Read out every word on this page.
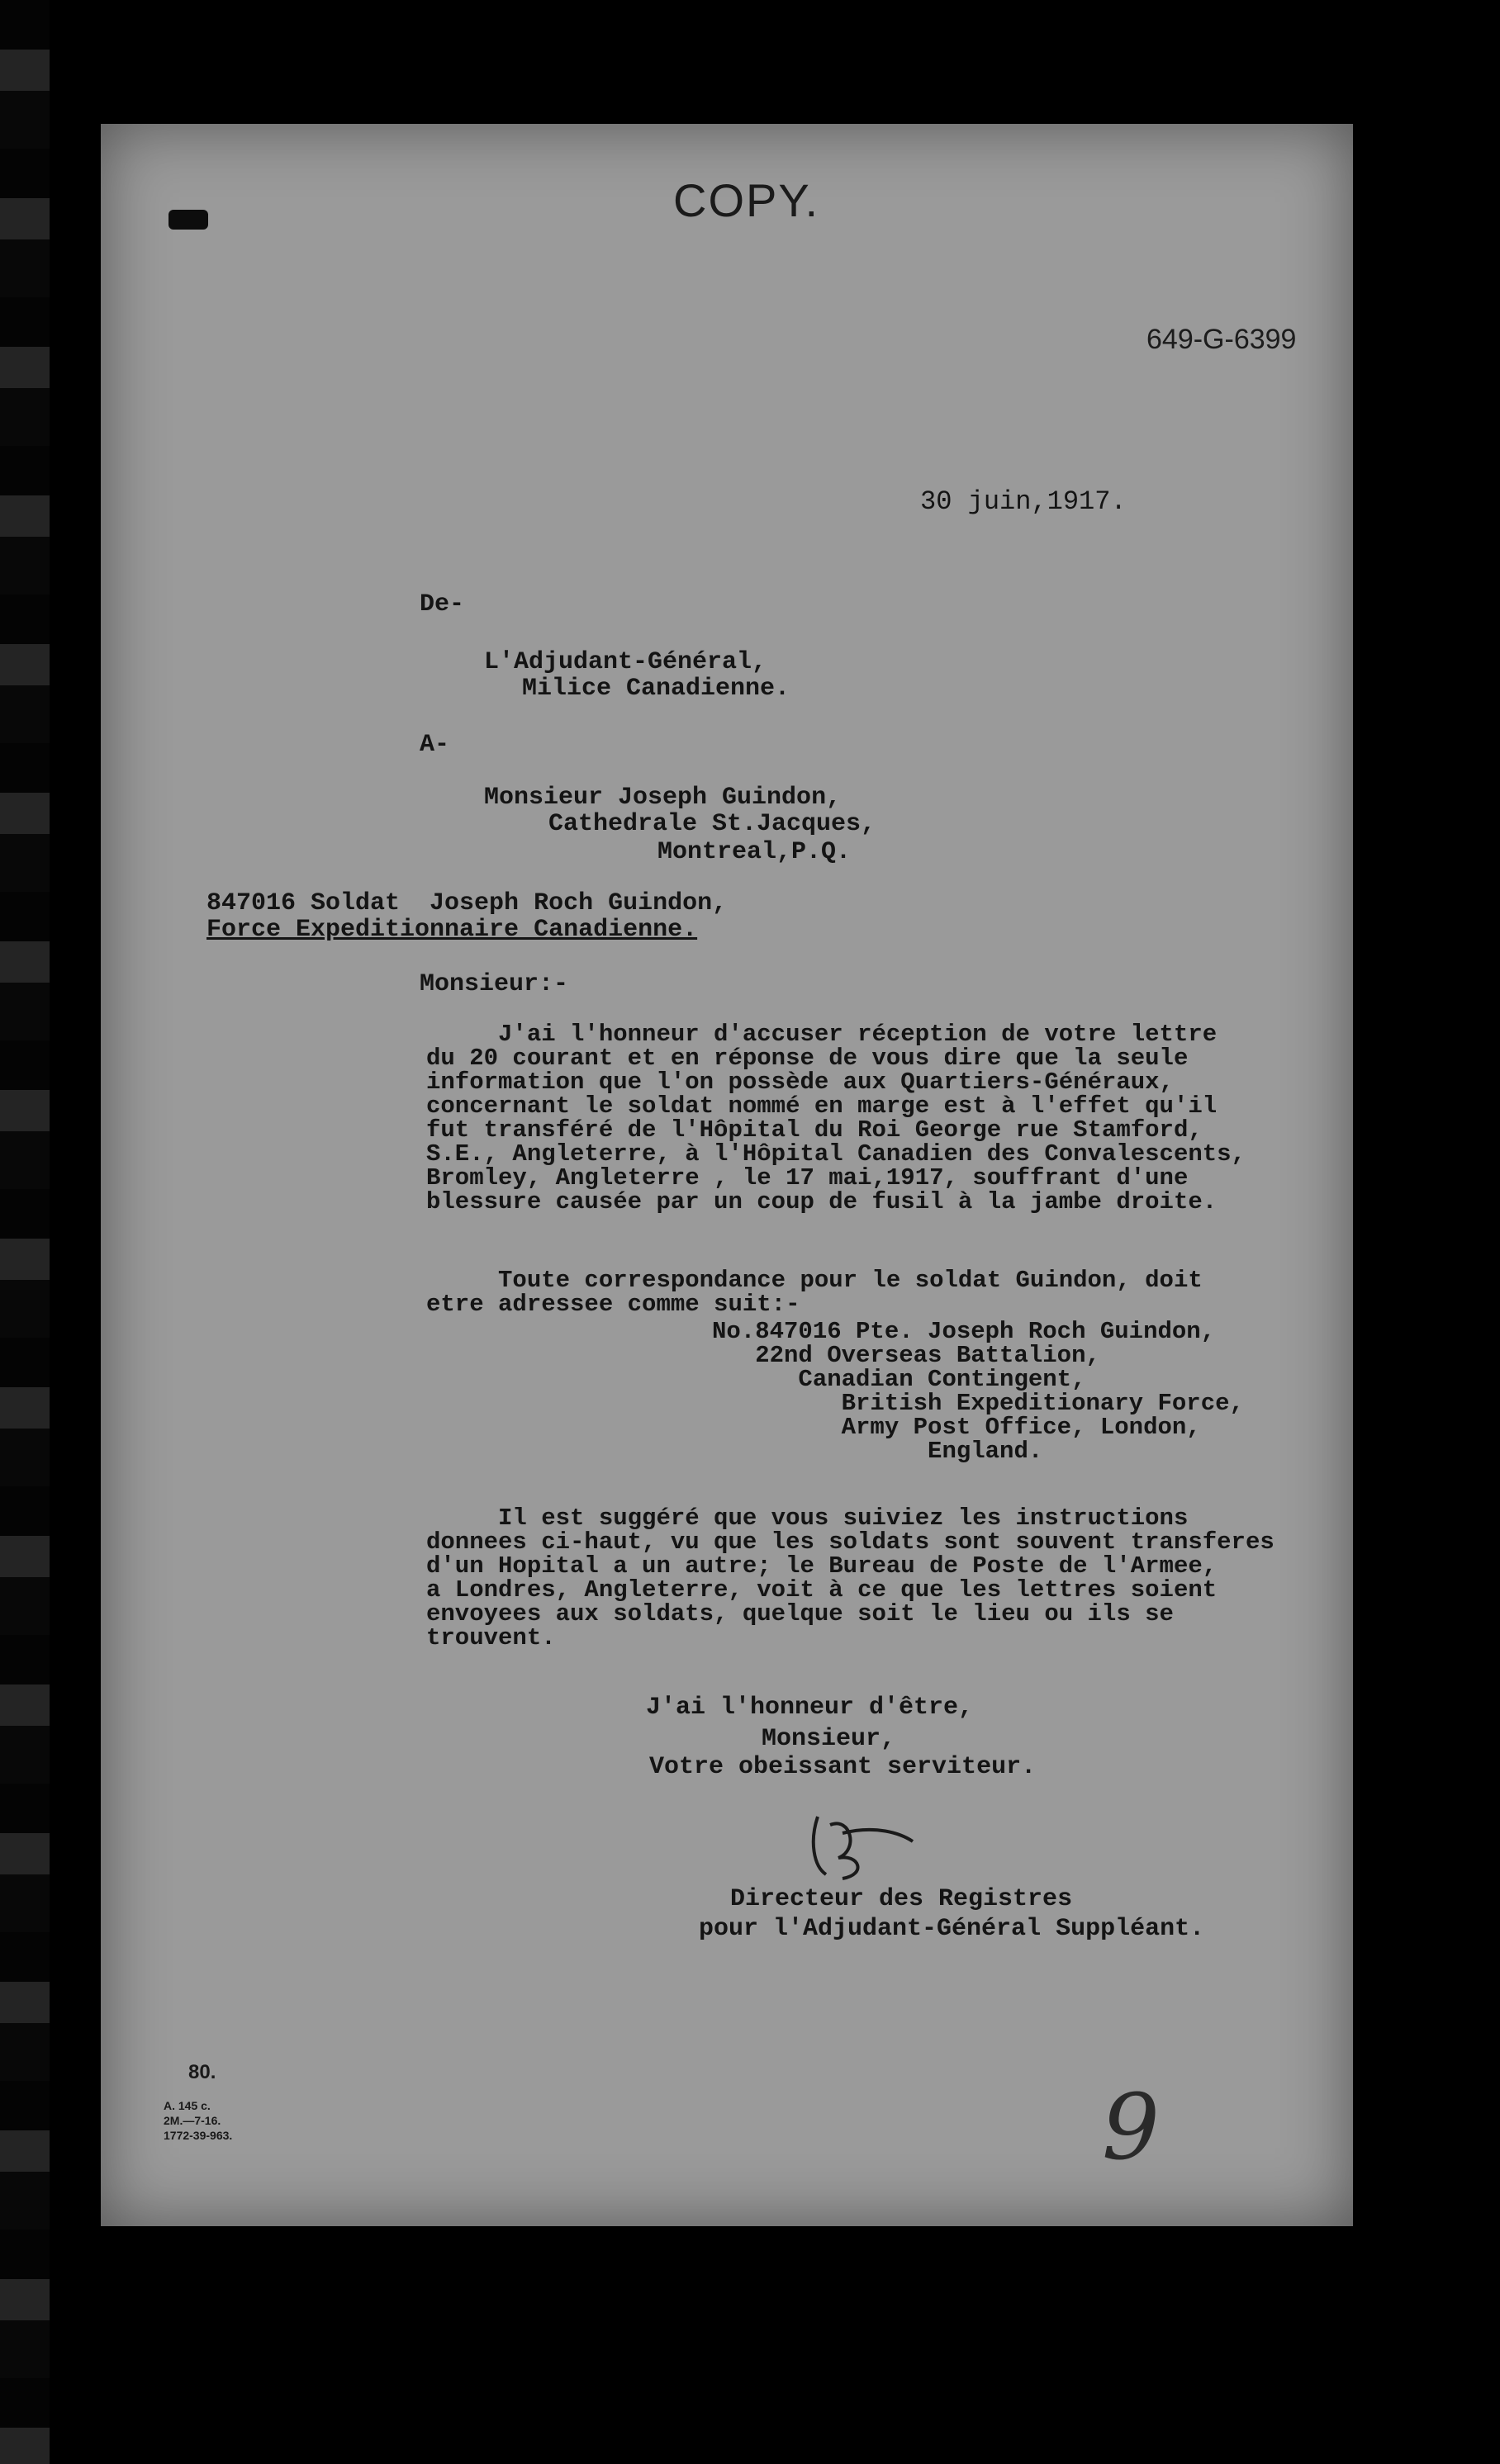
COPY.
649-G-6399
30 juin,1917.
De-
L'Adjudant-Général,
Milice Canadienne.
A-
Monsieur Joseph Guindon,
Cathedrale St.Jacques,
Montreal,P.Q.
847016 Soldat  Joseph Roch Guindon,
Force Expeditionnaire Canadienne.
Monsieur:-
J'ai l'honneur d'accuser réception de votre lettre
du 20 courant et en réponse de vous dire que la seule
information que l'on possède aux Quartiers-Généraux,
concernant le soldat nommé en marge est à l'effet qu'il
fut transféré de l'Hôpital du Roi George rue Stamford,
S.E., Angleterre, à l'Hôpital Canadien des Convalescents,
Bromley, Angleterre , le 17 mai,1917, souffrant d'une
blessure causée par un coup de fusil à la jambe droite.
Toute correspondance pour le soldat Guindon, doit
etre adressee comme suit:-
No.847016 Pte. Joseph Roch Guindon,
22nd Overseas Battalion,
Canadian Contingent,
British Expeditionary Force,
Army Post Office, London,
England.
Il est suggéré que vous suiviez les instructions
donnees ci-haut, vu que les soldats sont souvent transferes
d'un Hopital a un autre; le Bureau de Poste de l'Armee,
a Londres, Angleterre, voit à ce que les lettres soient
envoyees aux soldats, quelque soit le lieu ou ils se
trouvent.
J'ai l'honneur d'être,
Monsieur,
Votre obeissant serviteur.
Directeur des Registres
pour l'Adjudant-Général Suppléant.
80.
A. 145 c.
2M.—7-16.
1772-39-963.	9
